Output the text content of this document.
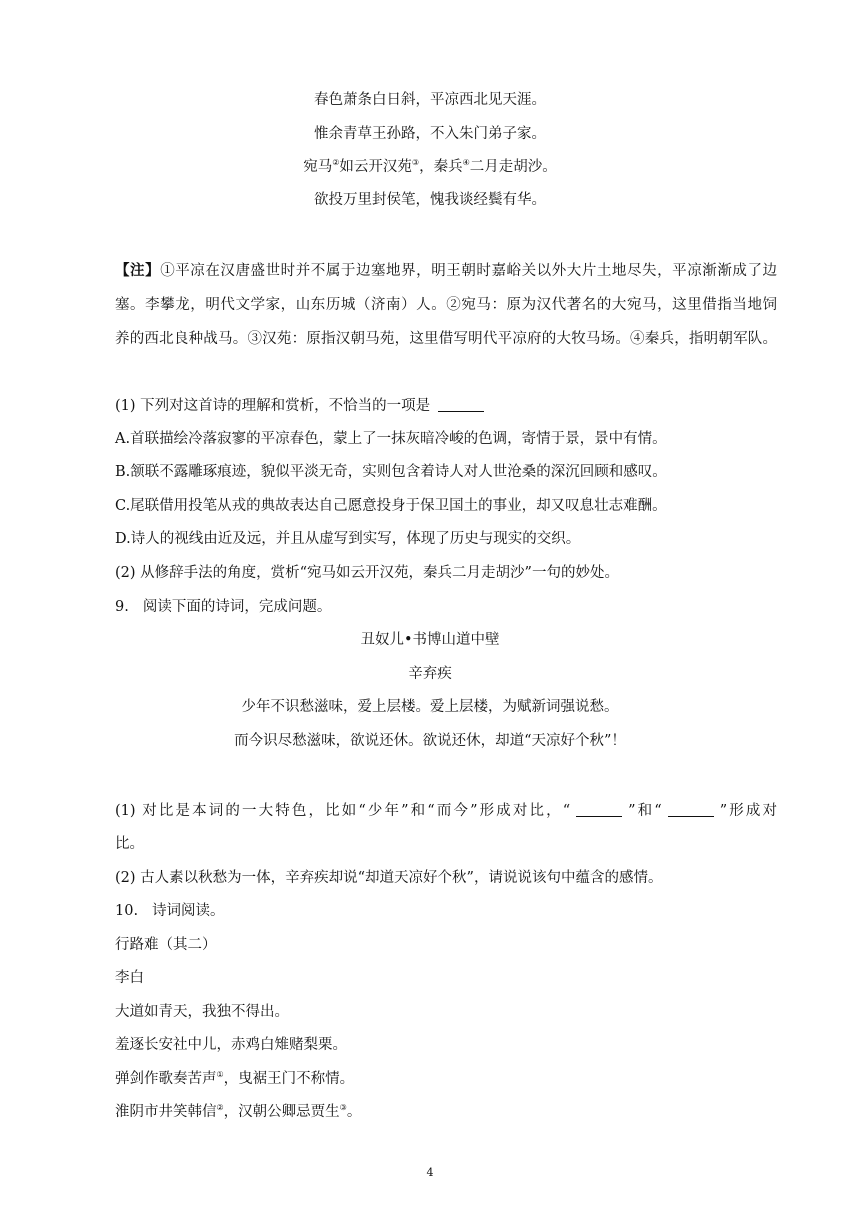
春色萧条白日斜，平凉西北见天涯。
惟余青草王孙路，不入朱门弟子家。
宛马②如云开汉苑③，秦兵④二月走胡沙。
欲投万里封侯笔，愧我谈经鬓有华。
【注】①平凉在汉唐盛世时并不属于边塞地界，明王朝时嘉峪关以外大片土地尽失，平凉渐渐成了边
塞。李攀龙，明代文学家，山东历城（济南）人。②宛马：原为汉代著名的大宛马，这里借指当地饲
养的西北良种战马。③汉苑：原指汉朝马苑，这里借写明代平凉府的大牧马场。④秦兵，指明朝军队。
(1) 下列对这首诗的理解和赏析，不恰当的一项是
A.首联描绘冷落寂寥的平凉春色，蒙上了一抹灰暗冷峻的色调，寄情于景，景中有情。
B.颔联不露雕琢痕迹，貌似平淡无奇，实则包含着诗人对人世沧桑的深沉回顾和感叹。
C.尾联借用投笔从戎的典故表达自己愿意投身于保卫国土的事业，却又叹息壮志难酬。
D.诗人的视线由近及远，并且从虚写到实写，体现了历史与现实的交织。
(2) 从修辞手法的角度，赏析“宛马如云开汉苑，秦兵二月走胡沙”一句的妙处。
9. 阅读下面的诗词，完成问题。
丑奴儿•书博山道中壁
辛弃疾
少年不识愁滋味，爱上层楼。爱上层楼，为赋新词强说愁。
而今识尽愁滋味，欲说还休。欲说还休，却道“天凉好个秋”！
(1) 对比是本词的一大特色，比如“少年”和“而今”形成对比，“	”和“	”形成对
比。
(2) 古人素以秋愁为一体，辛弃疾却说“却道天凉好个秋”，请说说该句中蕴含的感情。
10. 诗词阅读。
行路难（其二）
李白
大道如青天，我独不得出。
羞逐长安社中儿，赤鸡白雉赌梨栗。
弹剑作歌奏苦声①，曳裾王门不称情。
淮阴市井笑韩信②，汉朝公卿忌贾生③。
4
